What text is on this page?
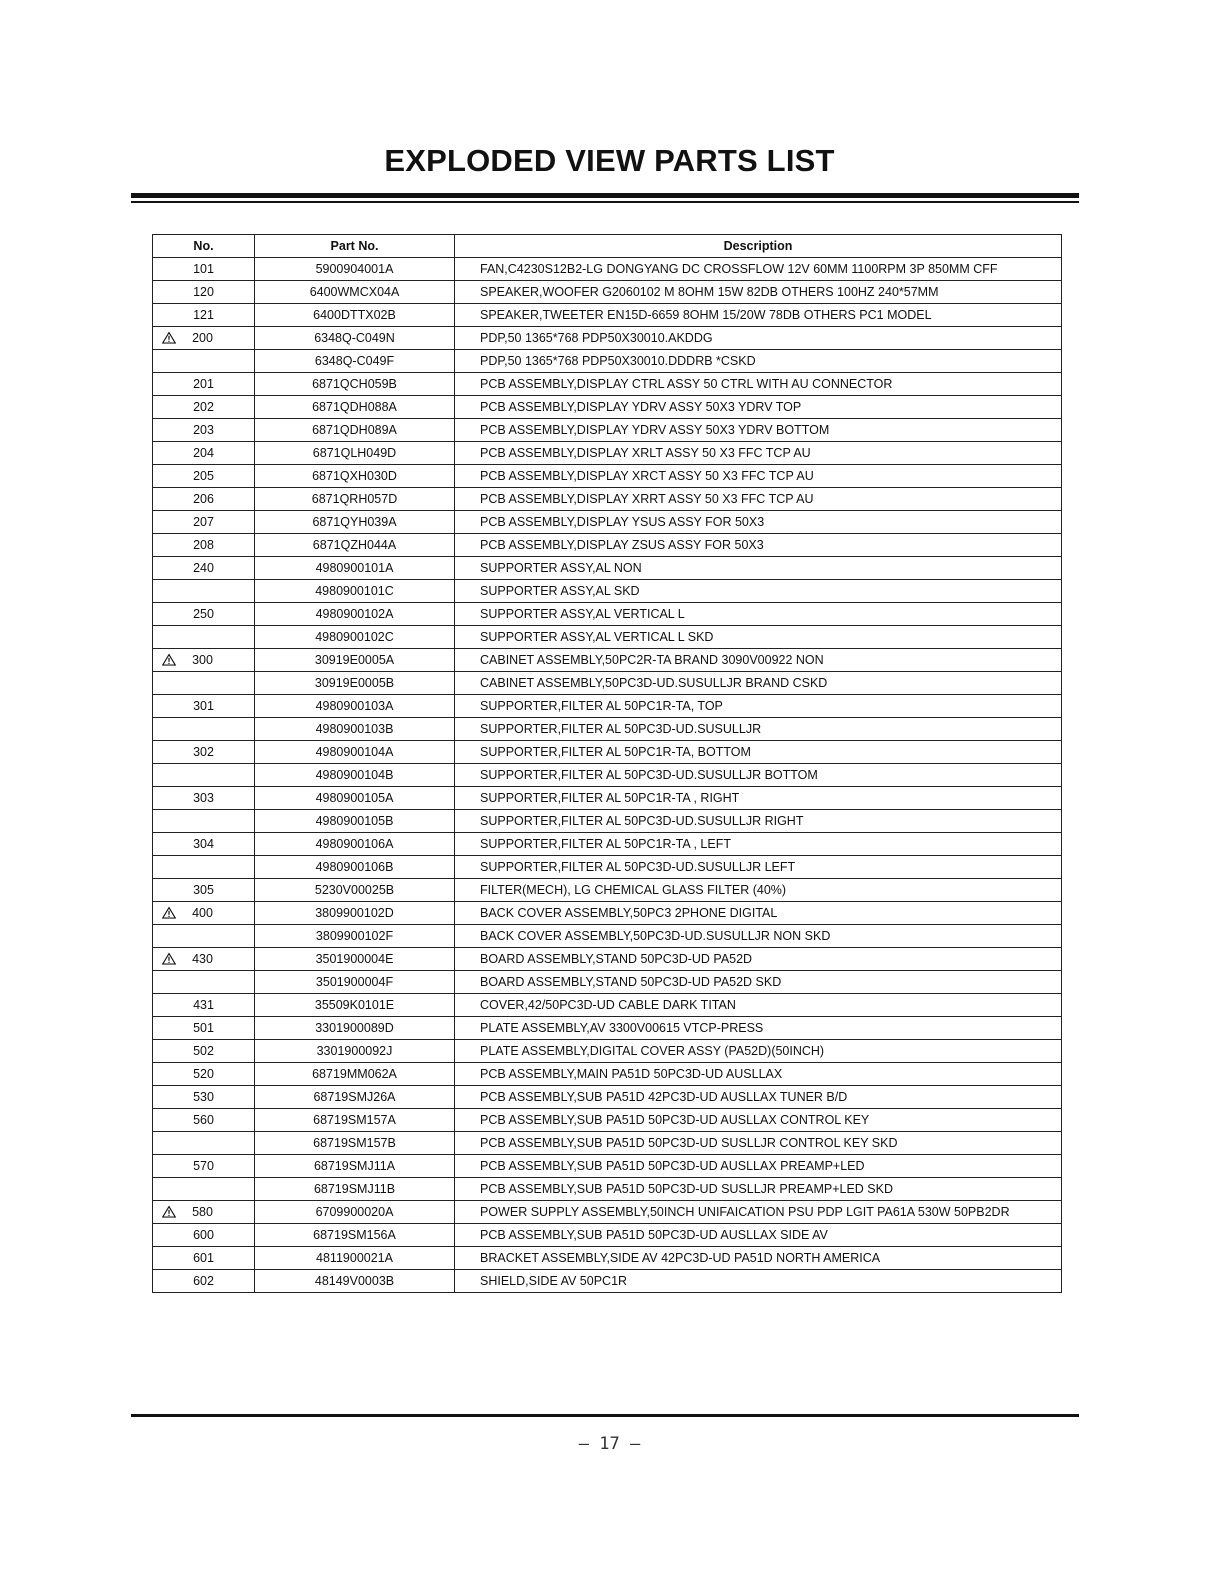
EXPLODED VIEW PARTS LIST
No.	Part No.	Description

101	5900904001A	FAN,C4230S12B2-LG DONGYANG DC CROSSFLOW 12V 60MM 1100RPM 3P 850MM CFF

120	6400WMCX04A	SPEAKER,WOOFER G2060102 M 8OHM 15W 82DB OTHERS 100HZ 240*57MM

121	6400DTTX02B	SPEAKER,TWEETER EN15D-6659 8OHM 15/20W 78DB OTHERS PC1 MODEL

200	6348Q-C049N	PDP,50 1365*768 PDP50X30010.AKDDG

	6348Q-C049F	PDP,50 1365*768 PDP50X30010.DDDRB *CSKD

201	6871QCH059B	PCB ASSEMBLY,DISPLAY CTRL ASSY 50 CTRL WITH AU CONNECTOR

202	6871QDH088A	PCB ASSEMBLY,DISPLAY YDRV ASSY 50X3 YDRV TOP

203	6871QDH089A	PCB ASSEMBLY,DISPLAY YDRV ASSY 50X3 YDRV BOTTOM

204	6871QLH049D	PCB ASSEMBLY,DISPLAY XRLT ASSY 50 X3 FFC TCP AU

205	6871QXH030D	PCB ASSEMBLY,DISPLAY XRCT ASSY 50 X3 FFC TCP AU

206	6871QRH057D	PCB ASSEMBLY,DISPLAY XRRT ASSY 50 X3 FFC TCP AU

207	6871QYH039A	PCB ASSEMBLY,DISPLAY YSUS ASSY FOR 50X3

208	6871QZH044A	PCB ASSEMBLY,DISPLAY ZSUS ASSY FOR 50X3

240	4980900101A	SUPPORTER ASSY,AL NON

	4980900101C	SUPPORTER ASSY,AL SKD

250	4980900102A	SUPPORTER ASSY,AL VERTICAL L

	4980900102C	SUPPORTER ASSY,AL VERTICAL L SKD

300	30919E0005A	CABINET ASSEMBLY,50PC2R-TA BRAND 3090V00922 NON

	30919E0005B	CABINET ASSEMBLY,50PC3D-UD.SUSULLJR BRAND CSKD

301	4980900103A	SUPPORTER,FILTER AL 50PC1R-TA, TOP

	4980900103B	SUPPORTER,FILTER AL 50PC3D-UD.SUSULLJR

302	4980900104A	SUPPORTER,FILTER AL 50PC1R-TA, BOTTOM

	4980900104B	SUPPORTER,FILTER AL 50PC3D-UD.SUSULLJR BOTTOM

303	4980900105A	SUPPORTER,FILTER AL 50PC1R-TA , RIGHT

	4980900105B	SUPPORTER,FILTER AL 50PC3D-UD.SUSULLJR RIGHT

304	4980900106A	SUPPORTER,FILTER AL 50PC1R-TA , LEFT

	4980900106B	SUPPORTER,FILTER AL 50PC3D-UD.SUSULLJR LEFT

305	5230V00025B	FILTER(MECH), LG CHEMICAL GLASS FILTER (40%)

400	3809900102D	BACK COVER ASSEMBLY,50PC3 2PHONE DIGITAL

	3809900102F	BACK COVER ASSEMBLY,50PC3D-UD.SUSULLJR NON SKD

430	3501900004E	BOARD ASSEMBLY,STAND 50PC3D-UD PA52D

	3501900004F	BOARD ASSEMBLY,STAND 50PC3D-UD PA52D SKD

431	35509K0101E	COVER,42/50PC3D-UD CABLE DARK TITAN

501	3301900089D	PLATE ASSEMBLY,AV 3300V00615 VTCP-PRESS

502	3301900092J	PLATE ASSEMBLY,DIGITAL COVER ASSY (PA52D)(50INCH)

520	68719MM062A	PCB ASSEMBLY,MAIN PA51D 50PC3D-UD AUSLLAX

530	68719SMJ26A	PCB ASSEMBLY,SUB PA51D 42PC3D-UD AUSLLAX TUNER B/D

560	68719SM157A	PCB ASSEMBLY,SUB PA51D 50PC3D-UD AUSLLAX CONTROL KEY

	68719SM157B	PCB ASSEMBLY,SUB PA51D 50PC3D-UD SUSLLJR CONTROL KEY SKD

570	68719SMJ11A	PCB ASSEMBLY,SUB PA51D 50PC3D-UD AUSLLAX PREAMP+LED

	68719SMJ11B	PCB ASSEMBLY,SUB PA51D 50PC3D-UD SUSLLJR PREAMP+LED SKD

580	6709900020A	POWER SUPPLY ASSEMBLY,50INCH UNIFAICATION PSU PDP LGIT PA61A 530W 50PB2DR

600	68719SM156A	PCB ASSEMBLY,SUB PA51D 50PC3D-UD AUSLLAX SIDE AV

601	4811900021A	BRACKET ASSEMBLY,SIDE AV 42PC3D-UD PA51D NORTH AMERICA

602	48149V0003B	SHIELD,SIDE AV 50PC1R
– 17 –
